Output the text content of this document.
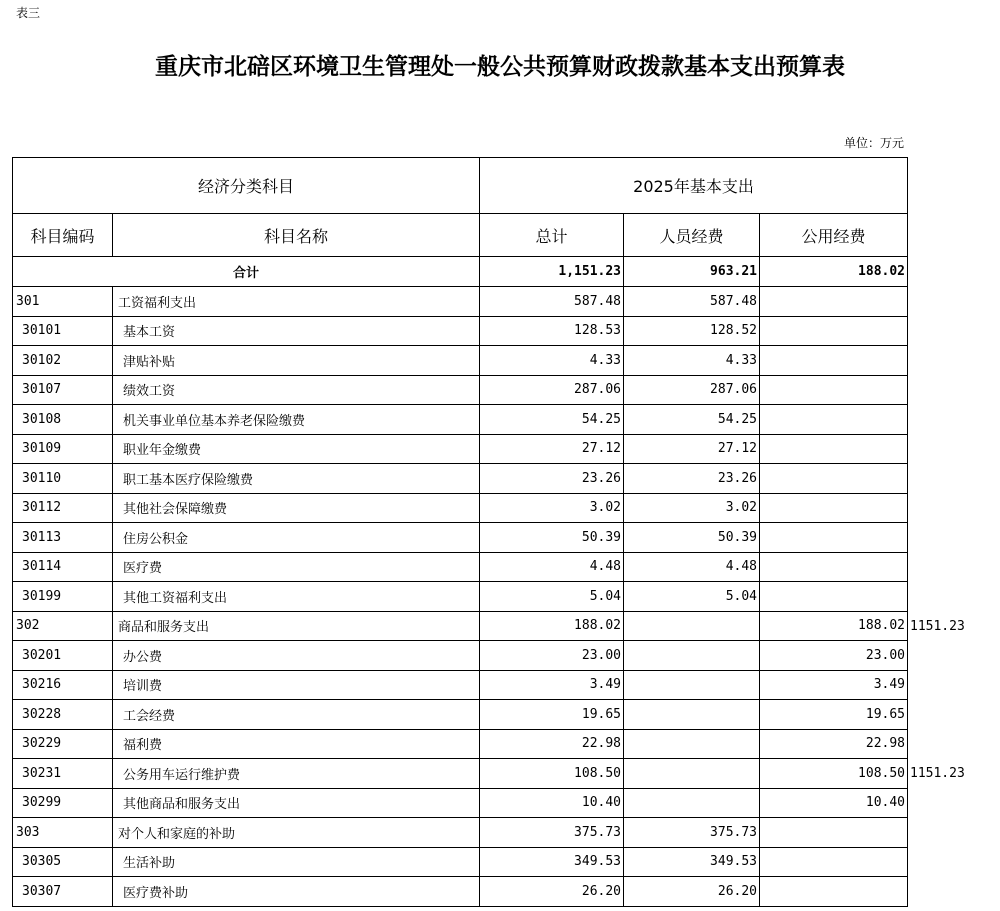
表三
重庆市北碚区环境卫生管理处一般公共预算财政拨款基本支出预算表
单位：万元
经济分类科目		2025年基本支出		
科目编码	科目名称	总计	人员经费	公用经费
合计		1,151.23	963.21	188.02
301	工资福利支出	587.48	587.48	
30101	基本工资	128.53	128.52	
30102	津贴补贴	4.33	4.33	
30107	绩效工资	287.06	287.06	
30108	机关事业单位基本养老保险缴费	54.25	54.25	
30109	职业年金缴费	27.12	27.12	
30110	职工基本医疗保险缴费	23.26	23.26	
30112	其他社会保障缴费	3.02	3.02	
30113	住房公积金	50.39	50.39	
30114	医疗费	4.48	4.48	
30199	其他工资福利支出	5.04	5.04	
302	商品和服务支出	188.02		188.02
30201	办公费	23.00		23.00
30216	培训费	3.49		3.49
30228	工会经费	19.65		19.65
30229	福利费	22.98		22.98
30231	公务用车运行维护费	108.50		108.50
30299	其他商品和服务支出	10.40		10.40
303	对个人和家庭的补助	375.73	375.73	
30305	生活补助	349.53	349.53	
30307	医疗费补助	26.20	26.20	
1151.23
1151.23
